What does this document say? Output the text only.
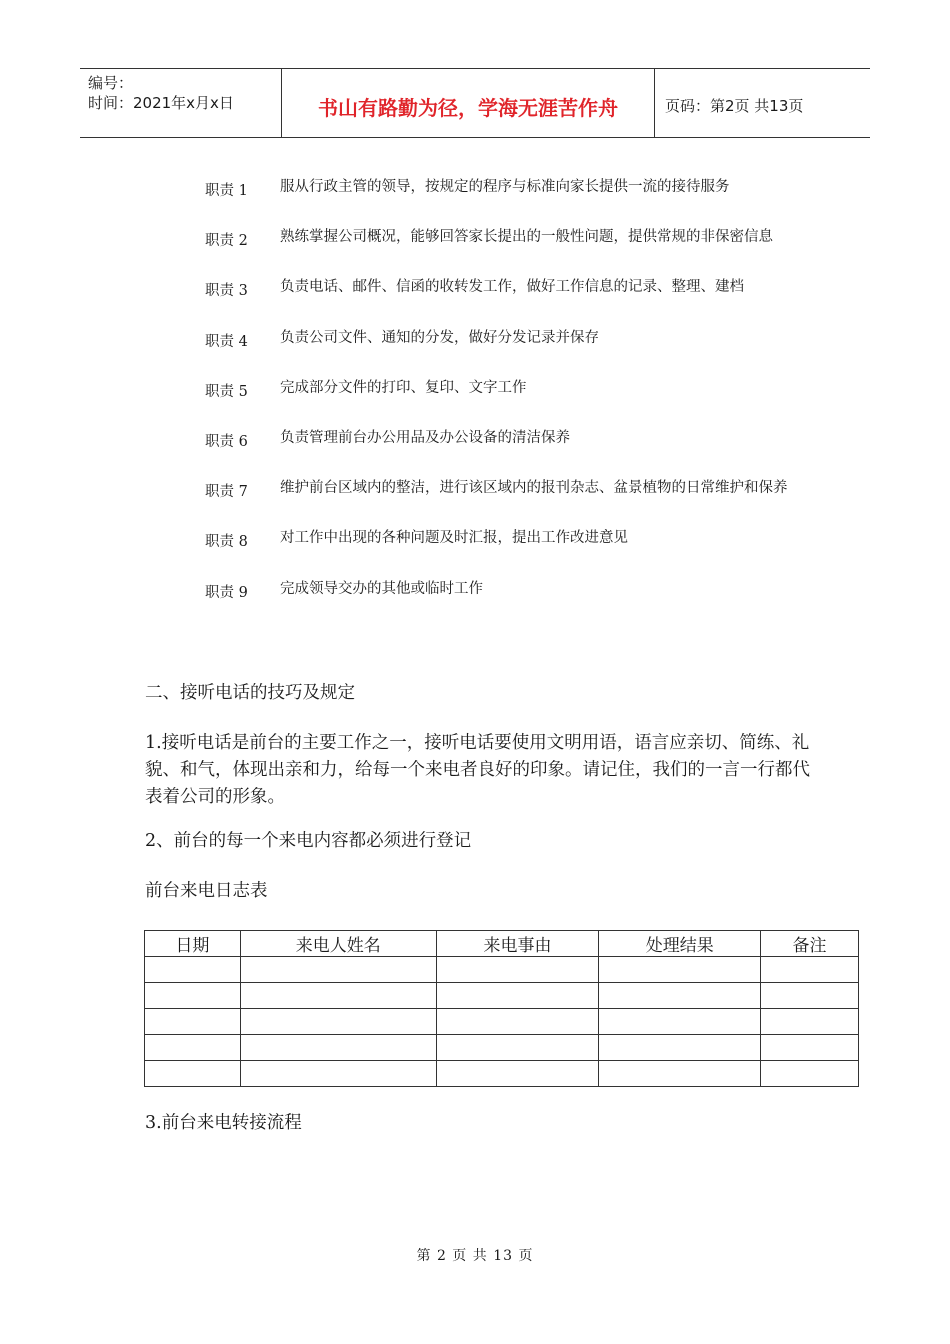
编号：
时间：2021年x月x日	书山有路勤为径，学海无涯苦作舟	页码：第2页 共13页
职责 1	服从行政主管的领导，按规定的程序与标准向家长提供一流的接待服务
职责 2	熟练掌握公司概况，能够回答家长提出的一般性问题，提供常规的非保密信息
职责 3	负责电话、邮件、信函的收转发工作，做好工作信息的记录、整理、建档
职责 4	负责公司文件、通知的分发，做好分发记录并保存
职责 5	完成部分文件的打印、复印、文字工作
职责 6	负责管理前台办公用品及办公设备的清洁保养
职责 7	维护前台区域内的整洁，进行该区域内的报刊杂志、盆景植物的日常维护和保养
职责 8	对工作中出现的各种问题及时汇报，提出工作改进意见
职责 9	完成领导交办的其他或临时工作
二、接听电话的技巧及规定
1.接听电话是前台的主要工作之一，接听电话要使用文明用语，语言应亲切、简练、礼貌、和气，体现出亲和力，给每一个来电者良好的印象。请记住，我们的一言一行都代表着公司的形象。
2、前台的每一个来电内容都必须进行登记
前台来电日志表
日期	来电人姓名	来电事由	处理结果	备注

3.前台来电转接流程
第 2 页 共 13 页
